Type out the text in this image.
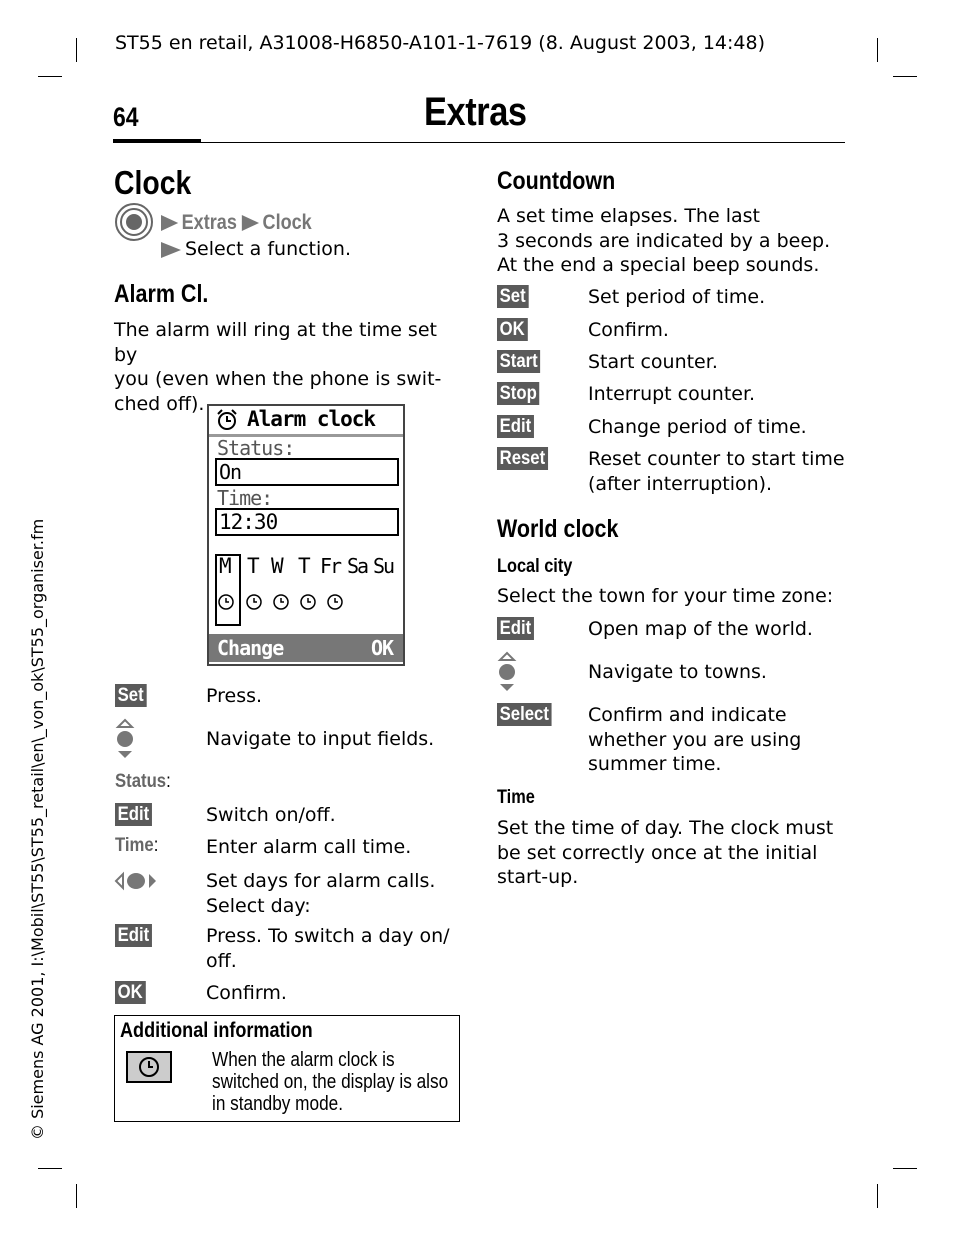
ST55 en retail, A31008-H6850-A101-1-7619 (8. August 2003, 14:48)
64	Extras
© Siemens AG 2001, I:\Mobil\ST55\ST55_retail\en\_von_ok\ST55_organiser.fm
Clock
Extras Clock
Select a function.
Alarm Cl.
The alarm will ring at the time set by
you (even when the phone is swit-
ched off).
Alarm clock
Status:
On
Time:
12:30
M T W T Fr Sa Su
Change	OK
Set	Press.
Navigate to input fields.
Status:
Edit	Switch on/off.
Time:	Enter alarm call time.
Set days for alarm calls.
Select day:
Edit	Press. To switch a day on/
off.
OK	Confirm.
Additional information
When the alarm clock is
switched on, the display is also
in standby mode.
Countdown
A set time elapses. The last
3 seconds are indicated by a beep.
At the end a special beep sounds.
Set	Set period of time.
OK	Confirm.
Start	Start counter.
Stop	Interrupt counter.
Edit	Change period of time.
Reset	Reset counter to start time
(after interruption).
World clock
Local city
Select the town for your time zone:
Edit	Open map of the world.
Navigate to towns.
Select	Confirm and indicate
whether you are using
summer time.
Time
Set the time of day. The clock must
be set correctly once at the initial
start-up.
